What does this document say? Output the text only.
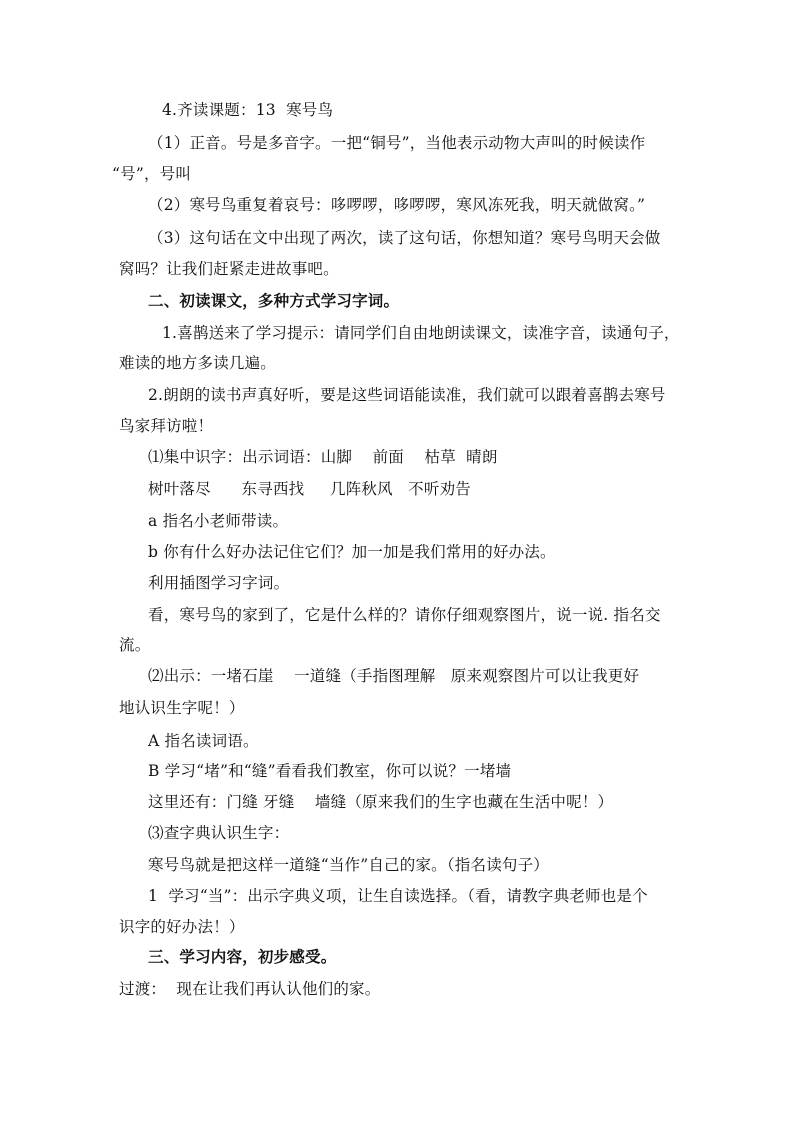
4.齐读课题：13  寒号鸟
（1）正音。号是多音字。一把“铜号”，当他表示动物大声叫的时候读作
“号”，号叫
（2）寒号鸟重复着哀号：哆啰啰，哆啰啰，寒风冻死我，明天就做窝。”
（3）这句话在文中出现了两次，读了这句话，你想知道？寒号鸟明天会做
窝吗？让我们赶紧走进故事吧。
二、初读课文，多种方式学习字词。
1.喜鹊送来了学习提示：请同学们自由地朗读课文，读准字音，读通句子，
难读的地方多读几遍。
2.朗朗的读书声真好听，要是这些词语能读准，我们就可以跟着喜鹊去寒号
鸟家拜访啦！
⑴集中识字：出示词语：山脚    前面    枯草  晴朗
树叶落尽      东寻西找     几阵秋风   不听劝告
a 指名小老师带读。
b 你有什么好办法记住它们？加一加是我们常用的好办法。
利用插图学习字词。
看，寒号鸟的家到了，它是什么样的？请你仔细观察图片，说一说. 指名交
流。
⑵出示：一堵石崖    一道缝（手指图理解   原来观察图片可以让我更好
地认识生字呢！）
A 指名读词语。
B 学习“堵”和“缝”看看我们教室，你可以说？一堵墙
这里还有：门缝 牙缝    墙缝（原来我们的生字也藏在生活中呢！）
⑶查字典认识生字：
寒号鸟就是把这样一道缝“当作”自己的家。（指名读句子）
1  学习“当”：出示字典义项，让生自读选择。（看，请教字典老师也是个
识字的好办法！）
三、学习内容，初步感受。
过渡：  现在让我们再认认他们的家。
